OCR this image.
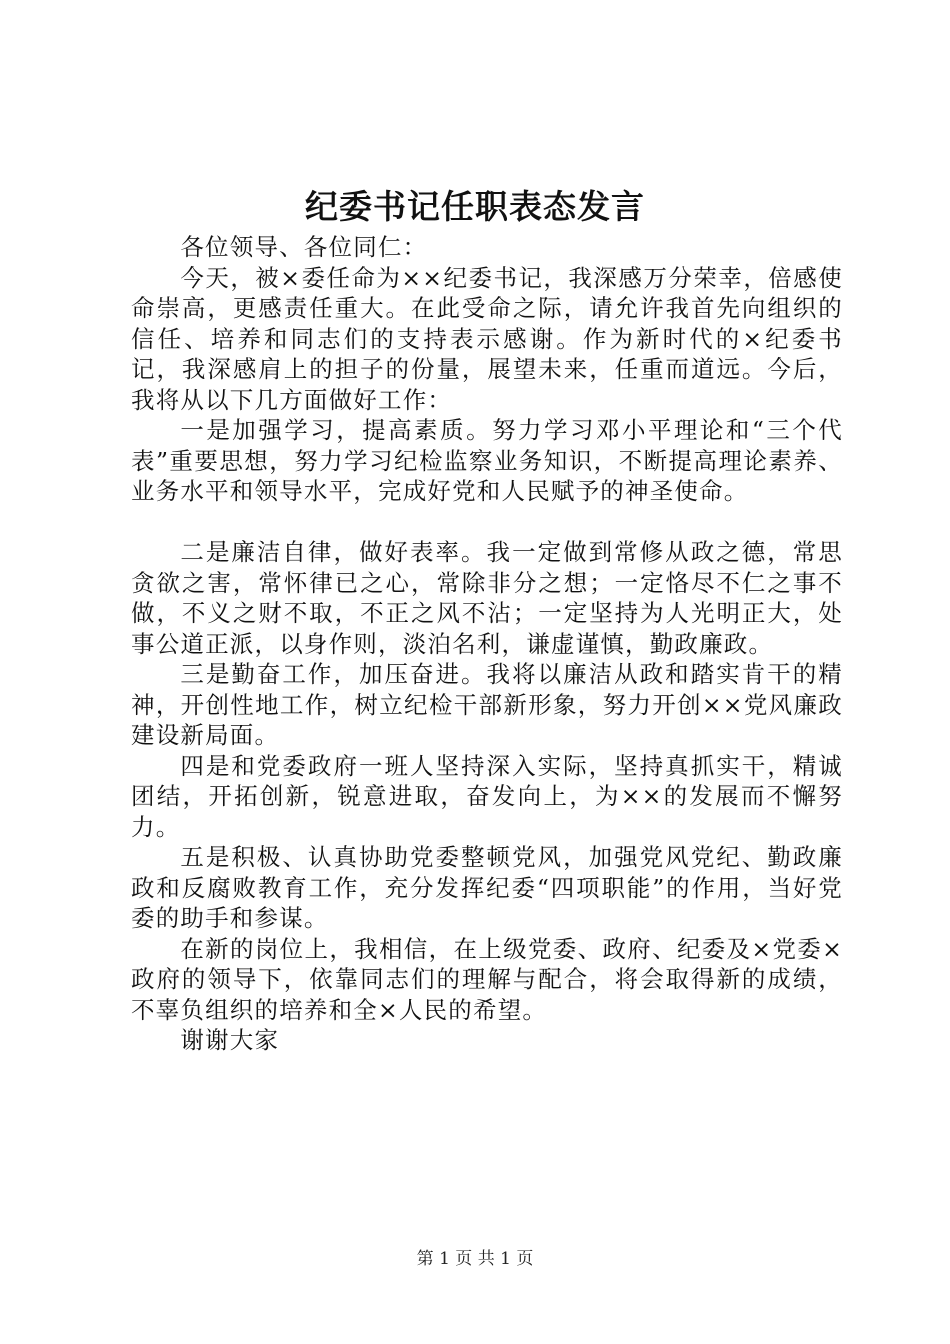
纪委书记任职表态发言

各位领导、各位同仁：

今天，被×委任命为××纪委书记，我深感万分荣幸，倍感使命崇高，更感责任重大。在此受命之际，请允许我首先向组织的信任、培养和同志们的支持表示感谢。作为新时代的×纪委书记，我深感肩上的担子的份量，展望未来，任重而道远。今后，我将从以下几方面做好工作：

一是加强学习，提高素质。努力学习邓小平理论和“三个代表”重要思想，努力学习纪检监察业务知识，不断提高理论素养、业务水平和领导水平，完成好党和人民赋予的神圣使命。

二是廉洁自律，做好表率。我一定做到常修从政之德，常思贪欲之害，常怀律已之心，常除非分之想；一定恪尽不仁之事不做，不义之财不取，不正之风不沾；一定坚持为人光明正大，处事公道正派，以身作则，淡泊名利，谦虚谨慎，勤政廉政。

三是勤奋工作，加压奋进。我将以廉洁从政和踏实肯干的精神，开创性地工作，树立纪检干部新形象，努力开创××党风廉政建设新局面。

四是和党委政府一班人坚持深入实际，坚持真抓实干，精诚团结，开拓创新，锐意进取，奋发向上，为××的发展而不懈努力。

五是积极、认真协助党委整顿党风，加强党风党纪、勤政廉政和反腐败教育工作，充分发挥纪委“四项职能”的作用，当好党委的助手和参谋。

在新的岗位上，我相信，在上级党委、政府、纪委及×党委×政府的领导下，依靠同志们的理解与配合，将会取得新的成绩，不辜负组织的培养和全×人民的希望。

谢谢大家

第 1 页 共 1 页
